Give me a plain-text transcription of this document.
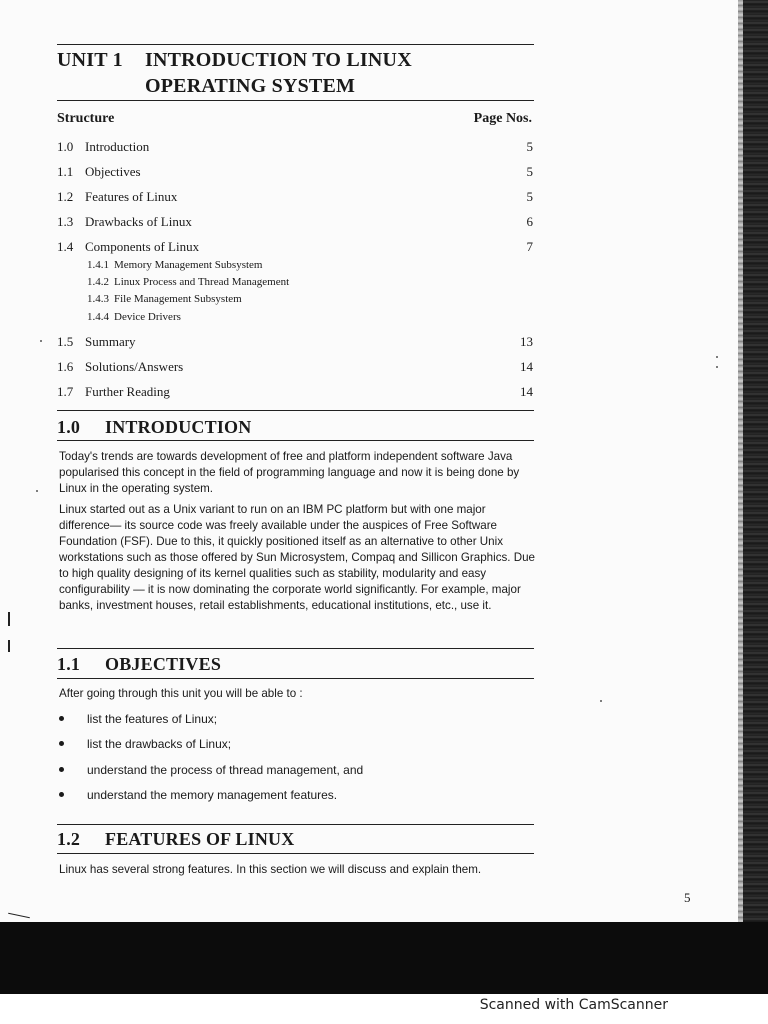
UNIT 1 INTRODUCTION TO LINUX
OPERATING SYSTEM
Structure	Page Nos.
1.0 Introduction	5
1.1 Objectives	5
1.2 Features of Linux	5
1.3 Drawbacks of Linux	6
1.4 Components of Linux	7
1.4.1 Memory Management Subsystem
1.4.2 Linux Process and Thread Management
1.4.3 File Management Subsystem
1.4.4 Device Drivers
1.5 Summary	13
1.6 Solutions/Answers	14
1.7 Further Reading	14
1.0 INTRODUCTION

Today's trends are towards development of free and platform independent software Java popularised this concept in the field of programming language and now it is being done by Linux in the operating system.

Linux started out as a Unix variant to run on an IBM PC platform but with one major difference— its source code was freely available under the auspices of Free Software Foundation (FSF). Due to this, it quickly positioned itself as an alternative to other Unix workstations such as those offered by Sun Microsystem, Compaq and Sillicon Graphics. Due to high quality designing of its kernel qualities such as stability, modularity and easy configurability — it is now dominating the corporate world significantly. For example, major banks, investment houses, retail establishments, educational institutions, etc., use it.

1.1 OBJECTIVES

After going through this unit you will be able to :

list the features of Linux;
list the drawbacks of Linux;
understand the process of thread management, and
understand the memory management features.
1.2 FEATURES OF LINUX

Linux has several strong features. In this section we will discuss and explain them.

5
Scanned with CamScanner
